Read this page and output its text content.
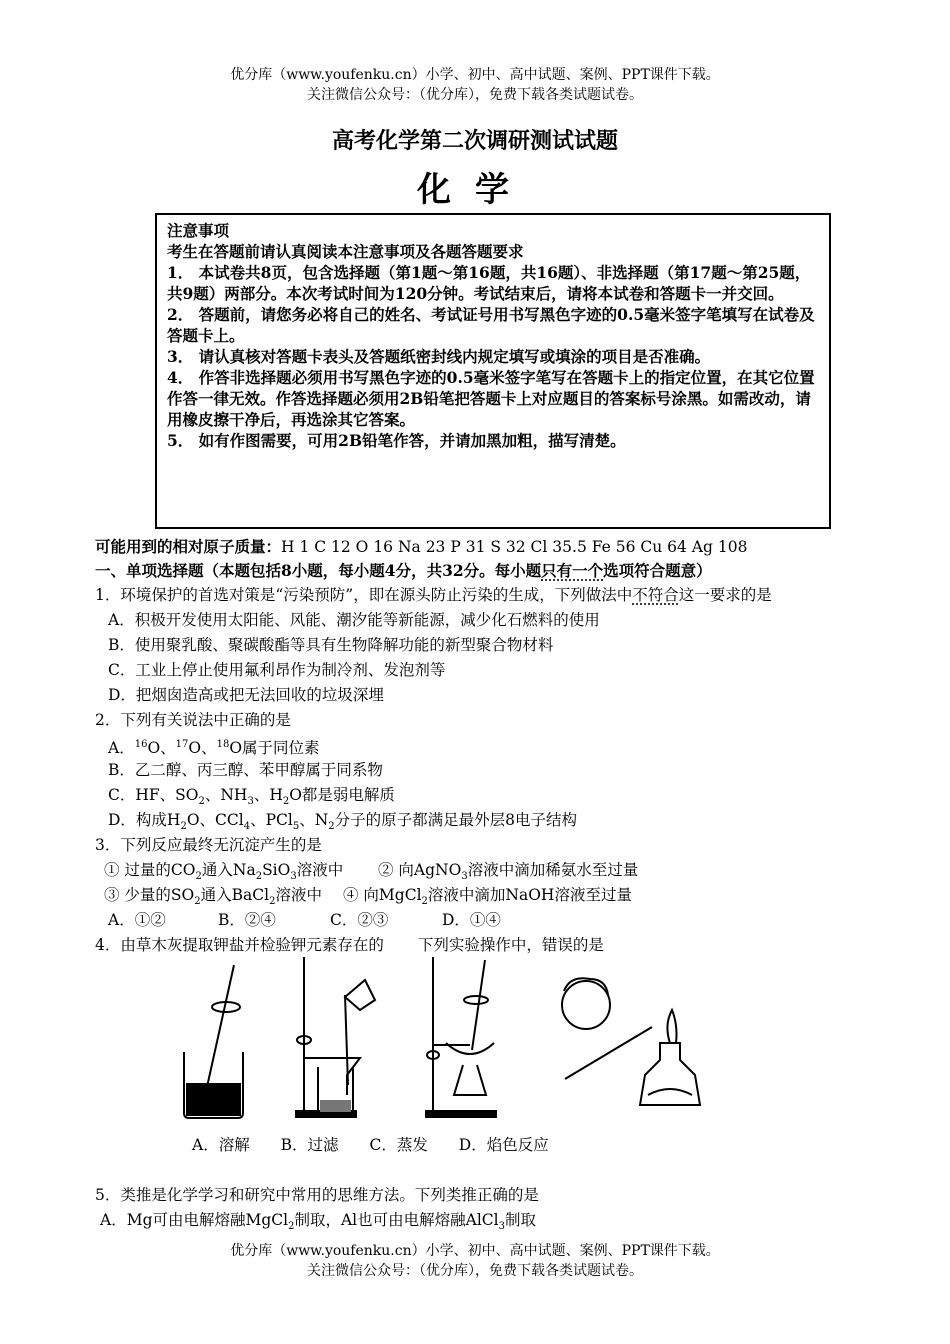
优分库（www.youfenku.cn）小学、初中、高中试题、案例、PPT课件下载。
关注微信公众号：（优分库），免费下载各类试题试卷。
高考化学第二次调研测试试题
化学

注意事项

考生在答题前请认真阅读本注意事项及各题答题要求

1． 本试卷共8页，包含选择题（第1题～第16题，共16题）、非选择题（第17题～第25题，共9题）两部分。本次考试时间为120分钟。考试结束后，请将本试卷和答题卡一并交回。

2． 答题前，请您务必将自己的姓名、考试证号用书写黑色字迹的0.5毫米签字笔填写在试卷及答题卡上。

3． 请认真核对答题卡表头及答题纸密封线内规定填写或填涂的项目是否准确。

4． 作答非选择题必须用书写黑色字迹的0.5毫米签字笔写在答题卡上的指定位置，在其它位置作答一律无效。作答选择题必须用2B铅笔把答题卡上对应题目的答案标号涂黑。如需改动，请用橡皮擦干净后，再选涂其它答案。

5． 如有作图需要，可用2B铅笔作答，并请加黑加粗，描写清楚。

可能用到的相对原子质量：H 1 C 12 O 16 Na 23 P 31 S 32 Cl 35.5 Fe 56 Cu 64 Ag 108
一、单项选择题（本题包括8小题，每小题4分，共32分。每小题只有一个选项符合题意）
1．环境保护的首选对策是“污染预防”，即在源头防止污染的生成，下列做法中不符合这一要求的是
A．积极开发使用太阳能、风能、潮汐能等新能源，减少化石燃料的使用
B．使用聚乳酸、聚碳酸酯等具有生物降解功能的新型聚合物材料
C．工业上停止使用氟利昂作为制冷剂、发泡剂等
D．把烟囱造高或把无法回收的垃圾深埋
2．下列有关说法中正确的是
A．$^{16}$O、$^{17}$O、$^{18}$O属于同位素
B．乙二醇、丙三醇、苯甲醇属于同系物
C．HF、$SO_2$、$NH_3$、$H_2O$都是弱电解质
D．构成$H_2O$、CCl$_4$、PCl$_5$、$N_2$分子的原子都满足最外层8电子结构
3．下列反应最终无沉淀产生的是
① 过量的$CO_2$通入$Na_2SiO_3$溶液中 ② 向AgNO$_3$溶液中滴加稀氨水至过量
③ 少量的$SO_2$通入BaCl$_2$溶液中 ④ 向MgCl$_2$溶液中滴加NaOH溶液至过量
A．①②	B．②④	C．②③	D．①④
4．由草木灰提取钾盐并检验钾元素存在的 下列实验操作中，错误的是
A．溶解 B．过滤 C．蒸发 D．焰色反应
5．类推是化学学习和研究中常用的思维方法。下列类推正确的是
A．Mg可由电解熔融MgCl$_2$制取，Al也可由电解熔融AlCl$_3$制取
优分库（www.youfenku.cn）小学、初中、高中试题、案例、PPT课件下载。
关注微信公众号：（优分库），免费下载各类试题试卷。
